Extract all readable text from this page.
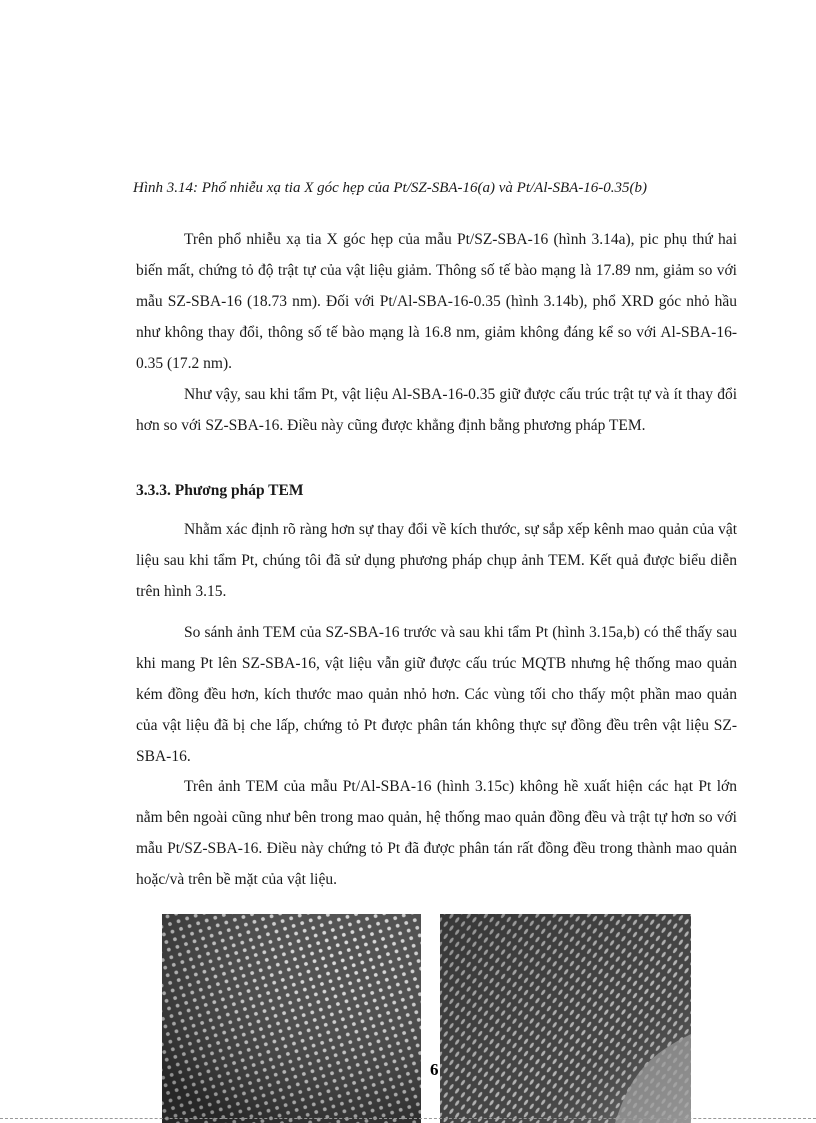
Hình 3.14: Phổ nhiễu xạ tia X góc hẹp của Pt/SZ-SBA-16(a) và Pt/Al-SBA-16-0.35(b)

Trên phổ nhiễu xạ tia X góc hẹp của mẫu Pt/SZ-SBA-16 (hình 3.14a), pic phụ thứ hai biến mất, chứng tỏ độ trật tự của vật liệu giảm. Thông số tế bào mạng là 17.89 nm, giảm so với mẫu SZ-SBA-16 (18.73 nm). Đối với Pt/Al-SBA-16-0.35 (hình 3.14b), phổ XRD góc nhỏ hầu như không thay đổi, thông số tế bào mạng là 16.8 nm, giảm không đáng kể so với Al-SBA-16-0.35 (17.2 nm).

Như vậy, sau khi tẩm Pt, vật liệu Al-SBA-16-0.35 giữ được cấu trúc trật tự và ít thay đổi hơn so với SZ-SBA-16. Điều này cũng được khẳng định bằng phương pháp TEM.

3.3.3. Phương pháp TEM

Nhằm xác định rõ ràng hơn sự thay đổi về kích thước, sự sắp xếp kênh mao quản của vật liệu sau khi tẩm Pt, chúng tôi đã sử dụng phương pháp chụp ảnh TEM. Kết quả được biểu diễn trên hình 3.15.

So sánh ảnh TEM của SZ-SBA-16 trước và sau khi tẩm Pt (hình 3.15a,b) có thể thấy sau khi mang Pt lên SZ-SBA-16, vật liệu vẫn giữ được cấu trúc MQTB nhưng hệ thống mao quản kém đồng đều hơn, kích thước mao quản nhỏ hơn. Các vùng tối cho thấy một phần mao quản của vật liệu đã bị che lấp, chứng tỏ Pt được phân tán không thực sự đồng đều trên vật liệu SZ-SBA-16.

Trên ảnh TEM của mẫu Pt/Al-SBA-16 (hình 3.15c) không hề xuất hiện các hạt Pt lớn nằm bên ngoài cũng như bên trong mao quản, hệ thống mao quản đồng đều và trật tự hơn so với mẫu Pt/SZ-SBA-16. Điều này chứng tỏ Pt đã được phân tán rất đồng đều trong thành mao quản hoặc/và trên bề mặt của vật liệu.

6
